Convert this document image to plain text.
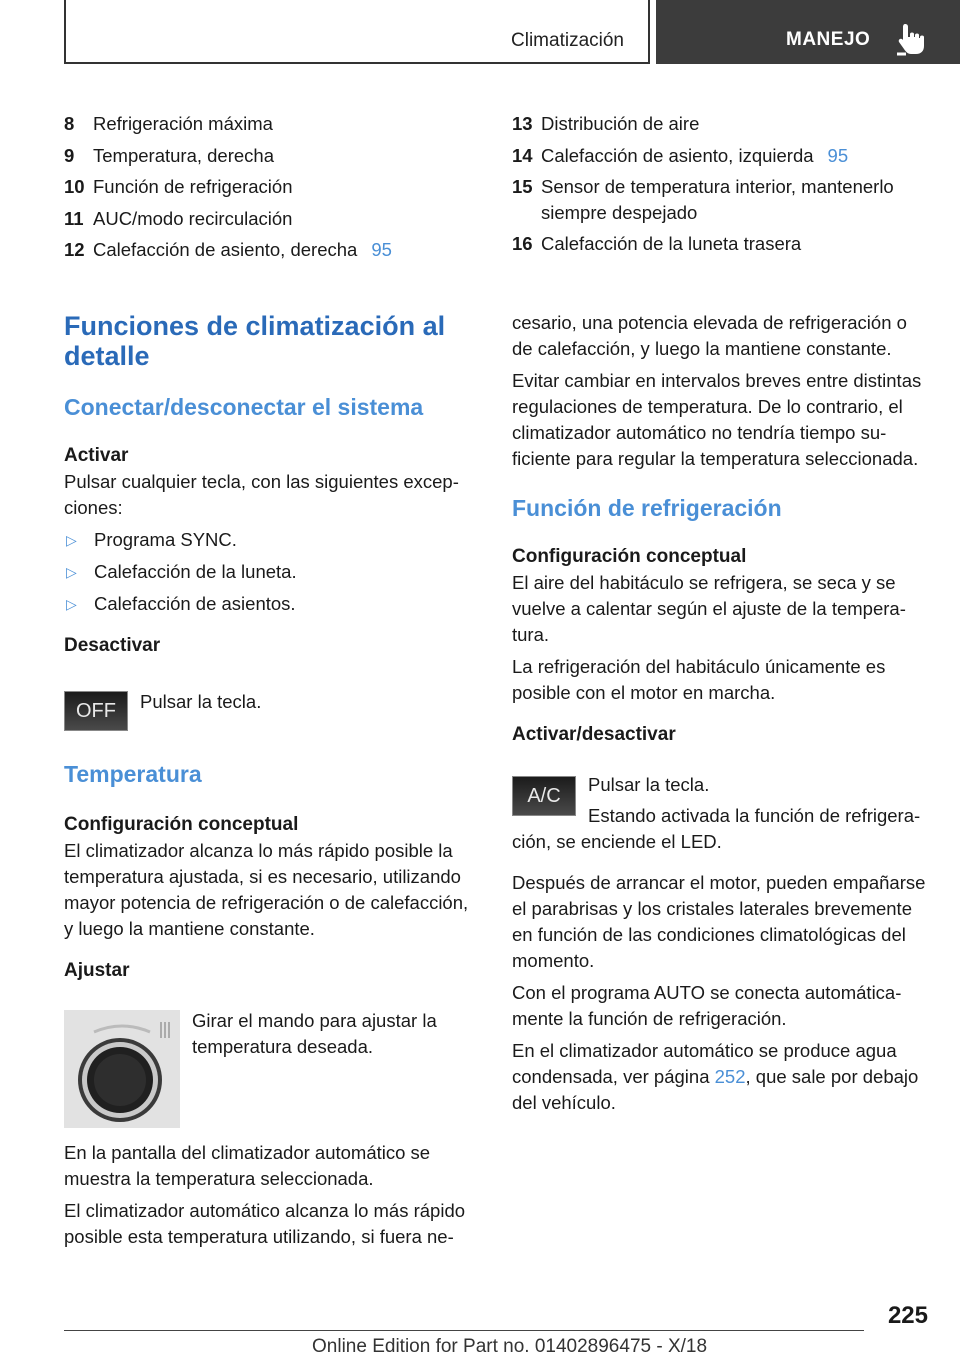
Climatización	MANEJO
8	Refrigeración máxima
9	Temperatura, derecha
10 Función de refrigeración
11 AUC/modo recirculación
12 Calefacción de asiento, derecha 95
13 Distribución de aire
14 Calefacción de asiento, izquierda 95
15 Sensor de temperatura interior, mantenerlo siempre despejado
16 Calefacción de la luneta trasera
Funciones de climatización al detalle
Conectar/desconectar el sistema
Activar

Pulsar cualquier tecla, con las siguientes excepciones:

▷ Programa SYNC.
▷ Calefacción de la luneta.
▷ Calefacción de asientos.
Desactivar
OFF	Pulsar la tecla.
Temperatura
Configuración conceptual

El climatizador alcanza lo más rápido posible la temperatura ajustada, si es necesario, utilizando mayor potencia de refrigeración o de calefacción, y luego la mantiene constante.

Ajustar
Girar el mando para ajustar la temperatura deseada.

En la pantalla del climatizador automático se muestra la temperatura seleccionada.

El climatizador automático alcanza lo más rápido posible esta temperatura utilizando, si fuera ne-

cesario, una potencia elevada de refrigeración o de calefacción, y luego la mantiene constante.

Evitar cambiar en intervalos breves entre distintas regulaciones de temperatura. De lo contrario, el climatizador automático no tendría tiempo suficiente para regular la temperatura seleccionada.

Función de refrigeración
Configuración conceptual

El aire del habitáculo se refrigera, se seca y se vuelve a calentar según el ajuste de la temperatura.

La refrigeración del habitáculo únicamente es posible con el motor en marcha.

Activar/desactivar
A/C	Pulsar la tecla.

Estando activada la función de refrigeración, se enciende el LED.

Después de arrancar el motor, pueden empañarse el parabrisas y los cristales laterales brevemente en función de las condiciones climatológicas del momento.

Con el programa AUTO se conecta automáticamente la función de refrigeración.

En el climatizador automático se produce agua condensada, ver página 252, que sale por debajo del vehículo.

225
Online Edition for Part no. 01402896475 - X/18
